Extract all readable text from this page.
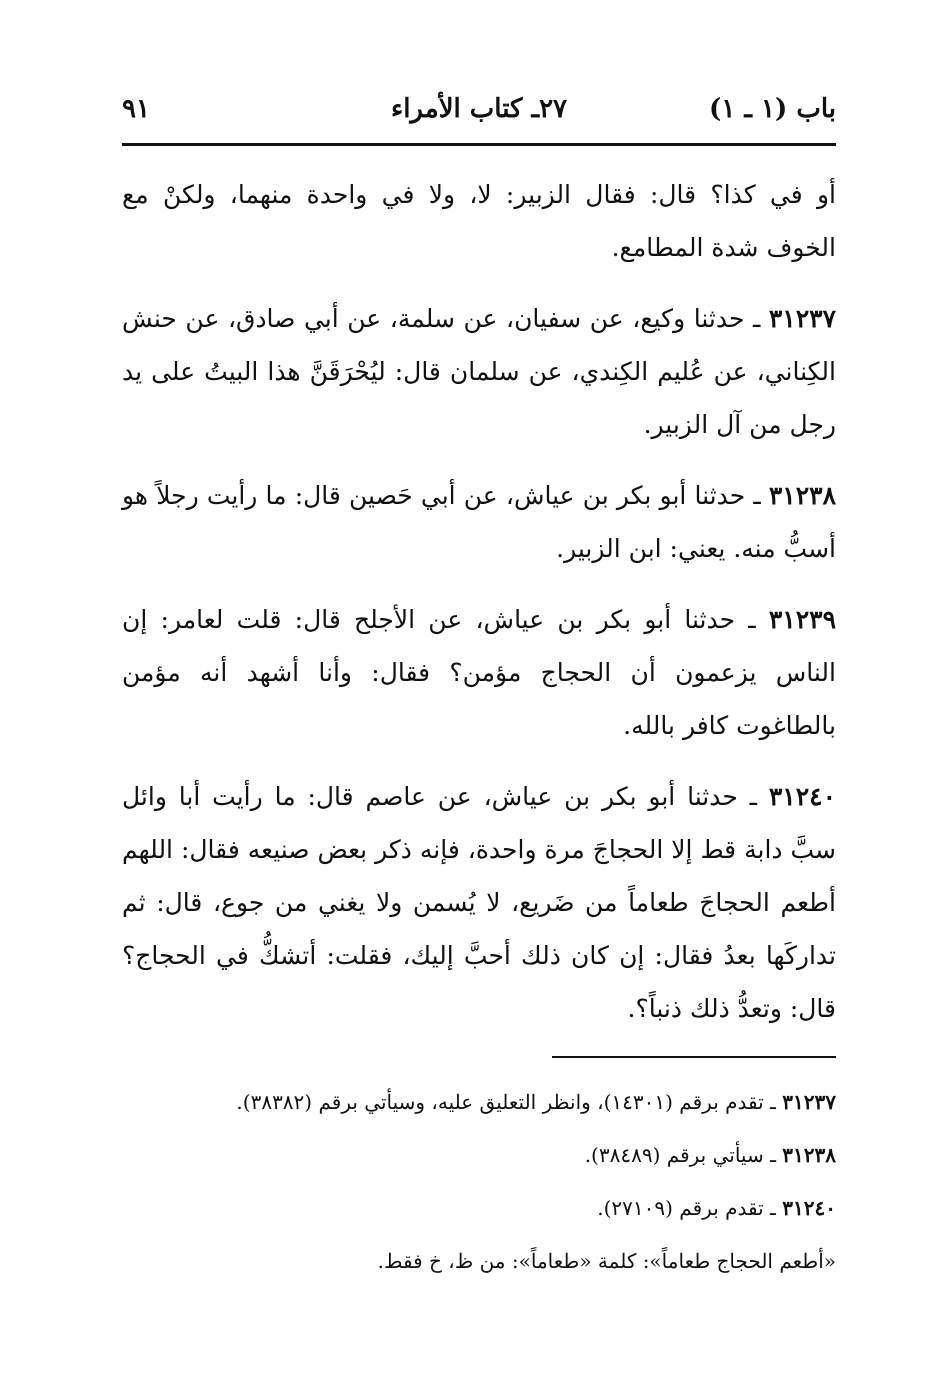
باب (١ ـ ١)
٢٧ـ كتاب الأمراء
٩١

أو في كذا؟ قال: فقال الزبير: لا، ولا في واحدة منهما، ولكنْ مع الخوف شدة المطامع.

٣١٢٣٧ ـ حدثنا وكيع، عن سفيان، عن سلمة، عن أبي صادق، عن حنش الكِناني، عن عُليم الكِندي، عن سلمان قال: ليُحْرَقَنَّ هذا البيتُ على يد رجل من آل الزبير.

٣١٢٣٨ ـ حدثنا أبو بكر بن عياش، عن أبي حَصين قال: ما رأيت رجلاً هو أسبُّ منه. يعني: ابن الزبير.

٣١٢٣٩ ـ حدثنا أبو بكر بن عياش، عن الأجلح قال: قلت لعامر: إن الناس يزعمون أن الحجاج مؤمن؟ فقال: وأنا أشهد أنه مؤمن بالطاغوت كافر بالله.

٣١٢٤٠ ـ حدثنا أبو بكر بن عياش، عن عاصم قال: ما رأيت أبا وائل سبَّ دابة قط إلا الحجاجَ مرة واحدة، فإنه ذكر بعض صنيعه فقال: اللهم أطعم الحجاجَ طعاماً من ضَريع، لا يُسمن ولا يغني من جوع، قال: ثم تداركَها بعدُ فقال: إن كان ذلك أحبَّ إليك، فقلت: أتشكُّ في الحجاج؟ قال: وتعدُّ ذلك ذنباً؟.

٣١٢٣٧ ـ تقدم برقم (١٤٣٠١)، وانظر التعليق عليه، وسيأتي برقم (٣٨٣٨٢).

٣١٢٣٨ ـ سيأتي برقم (٣٨٤٨٩).

٣١٢٤٠ ـ تقدم برقم (٢٧١٠٩).

«أطعم الحجاج طعاماً»: كلمة «طعاماً»: من ظ، خ فقط.
